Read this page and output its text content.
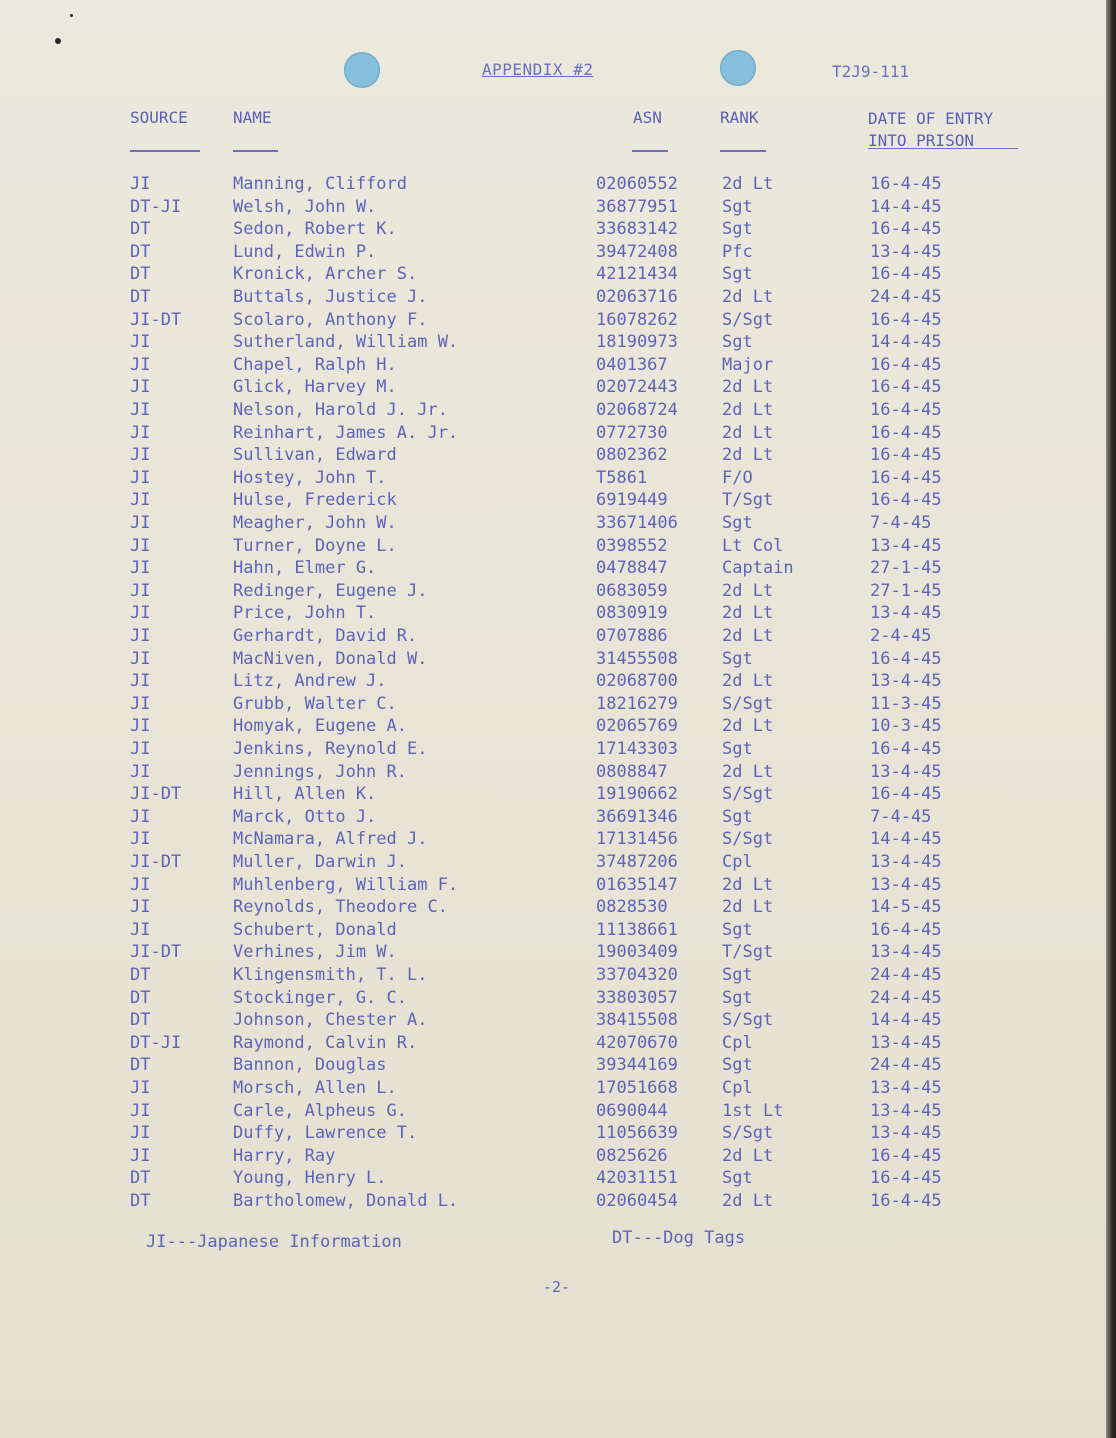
APPENDIX #2	T2J9-111
SOURCE	NAME	ASN	RANK	DATE OF ENTRY
INTO PRISON
JI	Manning, Clifford	02060552	2d Lt	16-4-45
DT-JI	Welsh, John W.	36877951	Sgt	14-4-45
DT	Sedon, Robert K.	33683142	Sgt	16-4-45
DT	Lund, Edwin P.	39472408	Pfc	13-4-45
DT	Kronick, Archer S.	42121434	Sgt	16-4-45
DT	Buttals, Justice J.	02063716	2d Lt	24-4-45
JI-DT	Scolaro, Anthony F.	16078262	S/Sgt	16-4-45
JI	Sutherland, William W.	18190973	Sgt	14-4-45
JI	Chapel, Ralph H.	0401367	Major	16-4-45
JI	Glick, Harvey M.	02072443	2d Lt	16-4-45
JI	Nelson, Harold J. Jr.	02068724	2d Lt	16-4-45
JI	Reinhart, James A. Jr.	0772730	2d Lt	16-4-45
JI	Sullivan, Edward	0802362	2d Lt	16-4-45
JI	Hostey, John T.	T5861	F/O	16-4-45
JI	Hulse, Frederick	6919449	T/Sgt	16-4-45
JI	Meagher, John W.	33671406	Sgt	7-4-45
JI	Turner, Doyne L.	0398552	Lt Col	13-4-45
JI	Hahn, Elmer G.	0478847	Captain	27-1-45
JI	Redinger, Eugene J.	0683059	2d Lt	27-1-45
JI	Price, John T.	0830919	2d Lt	13-4-45
JI	Gerhardt, David R.	0707886	2d Lt	2-4-45
JI	MacNiven, Donald W.	31455508	Sgt	16-4-45
JI	Litz, Andrew J.	02068700	2d Lt	13-4-45
JI	Grubb, Walter C.	18216279	S/Sgt	11-3-45
JI	Homyak, Eugene A.	02065769	2d Lt	10-3-45
JI	Jenkins, Reynold E.	17143303	Sgt	16-4-45
JI	Jennings, John R.	0808847	2d Lt	13-4-45
JI-DT	Hill, Allen K.	19190662	S/Sgt	16-4-45
JI	Marck, Otto J.	36691346	Sgt	7-4-45
JI	McNamara, Alfred J.	17131456	S/Sgt	14-4-45
JI-DT	Muller, Darwin J.	37487206	Cpl	13-4-45
JI	Muhlenberg, William F.	01635147	2d Lt	13-4-45
JI	Reynolds, Theodore C.	0828530	2d Lt	14-5-45
JI	Schubert, Donald	11138661	Sgt	16-4-45
JI-DT	Verhines, Jim W.	19003409	T/Sgt	13-4-45
DT	Klingensmith, T. L.	33704320	Sgt	24-4-45
DT	Stockinger, G. C.	33803057	Sgt	24-4-45
DT	Johnson, Chester A.	38415508	S/Sgt	14-4-45
DT-JI	Raymond, Calvin R.	42070670	Cpl	13-4-45
DT	Bannon, Douglas	39344169	Sgt	24-4-45
JI	Morsch, Allen L.	17051668	Cpl	13-4-45
JI	Carle, Alpheus G.	0690044	1st Lt	13-4-45
JI	Duffy, Lawrence T.	11056639	S/Sgt	13-4-45
JI	Harry, Ray	0825626	2d Lt	16-4-45
DT	Young, Henry L.	42031151	Sgt	16-4-45
DT	Bartholomew, Donald L.	02060454	2d Lt	16-4-45
JI---Japanese Information	DT---Dog Tags
-2-
